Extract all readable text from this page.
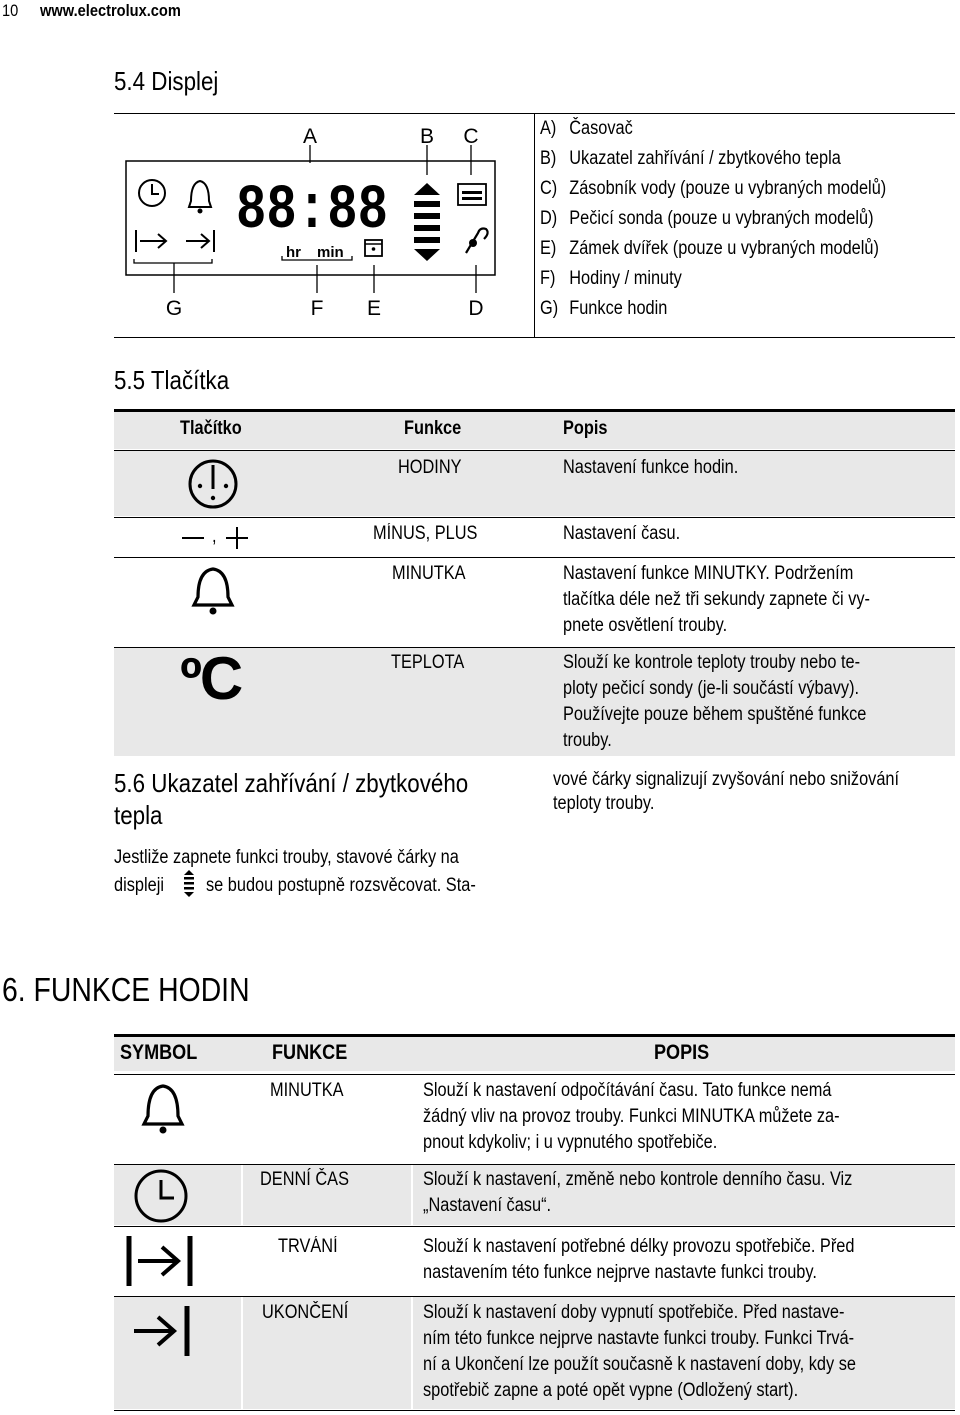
10 www.electrolux.com
5.4 Displej
88:88
hr min
A	B C
G	F E	D
A) Časovač
B) Ukazatel zahřívání / zbytkového tepla
C) Zásobník vody (pouze u vybraných modelů)
D) Pečicí sonda (pouze u vybraných modelů)
E) Zámek dvířek (pouze u vybraných modelů)
F) Hodiny / minuty
G) Funkce hodin
5.5 Tlačítka
Tlačítko	Funkce	Popis
HODINY	Nastavení funkce hodin.
,	MÍNUS, PLUS	Nastavení času.
MINUTKA	Nastavení funkce MINUTKY. Podržením
tlačítka déle než tři sekundy zapnete či vy-
pnete osvětlení trouby.
ºC	TEPLOTA	Slouží ke kontrole teploty trouby nebo te-
ploty pečicí sondy (je-li součástí výbavy).
Používejte pouze během spuštěné funkce
trouby.
5.6 Ukazatel zahřívání / zbytkového
tepla
Jestliže zapnete funkci trouby, stavové čárky na
displeji se budou postupně rozsvěcovat. Sta-
vové čárky signalizují zvyšování nebo snižování
teploty trouby.
6. FUNKCE HODIN
SYMBOL	FUNKCE	POPIS
MINUTKA	Slouží k nastavení odpočítávání času. Tato funkce nemá
žádný vliv na provoz trouby. Funkci MINUTKA můžete za-
pnout kdykoliv; i u vypnutého spotřebiče.
DENNÍ ČAS	Slouží k nastavení, změně nebo kontrole denního času. Viz
„Nastavení času“.
TRVÁNÍ	Slouží k nastavení potřebné délky provozu spotřebiče. Před
nastavením této funkce nejprve nastavte funkci trouby.
UKONČENÍ	Slouží k nastavení doby vypnutí spotřebiče. Před nastave-
ním této funkce nejprve nastavte funkci trouby. Funkci Trvá-
ní a Ukončení lze použít současně k nastavení doby, kdy se
spotřebič zapne a poté opět vypne (Odložený start).
